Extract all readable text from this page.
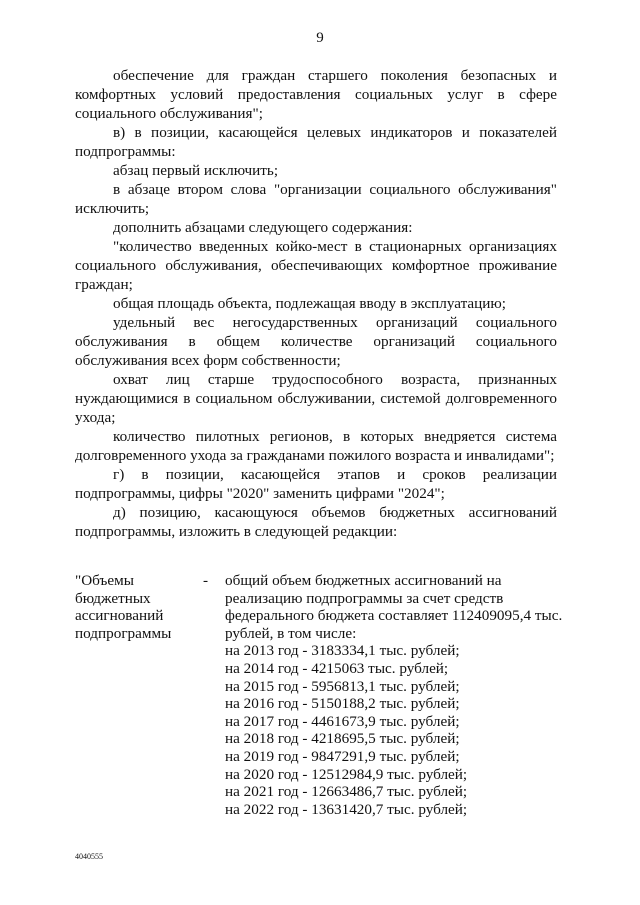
9

обеспечение для граждан старшего поколения безопасных и комфортных условий предоставления социальных услуг в сфере социального обслуживания";

в) в позиции, касающейся целевых индикаторов и показателей подпрограммы:

абзац первый исключить;

в абзаце втором слова "организации социального обслуживания" исключить;

дополнить абзацами следующего содержания:

"количество введенных койко-мест в стационарных организациях социального обслуживания, обеспечивающих комфортное проживание граждан;

общая площадь объекта, подлежащая вводу в эксплуатацию;

удельный вес негосударственных организаций социального обслуживания в общем количестве организаций социального обслуживания всех форм собственности;

охват лиц старше трудоспособного возраста, признанных нуждающимися в социальном обслуживании, системой долговременного ухода;

количество пилотных регионов, в которых внедряется система долговременного ухода за гражданами пожилого возраста и инвалидами";

г) в позиции, касающейся этапов и сроков реализации подпрограммы, цифры "2020" заменить цифрами "2024";

д) позицию, касающуюся объемов бюджетных ассигнований подпрограммы, изложить в следующей редакции:

"Объемы
бюджетных
ассигнований
подпрограммы
-	общий объем бюджетных ассигнований на
реализацию подпрограммы за счет средств
федерального бюджета составляет 112409095,4 тыс.
рублей, в том числе:
на 2013 год - 3183334,1 тыс. рублей;
на 2014 год - 4215063 тыс. рублей;
на 2015 год - 5956813,1 тыс. рублей;
на 2016 год - 5150188,2 тыс. рублей;
на 2017 год - 4461673,9 тыс. рублей;
на 2018 год - 4218695,5 тыс. рублей;
на 2019 год - 9847291,9 тыс. рублей;
на 2020 год - 12512984,9 тыс. рублей;
на 2021 год - 12663486,7 тыс. рублей;
на 2022 год - 13631420,7 тыс. рублей;
4040555
